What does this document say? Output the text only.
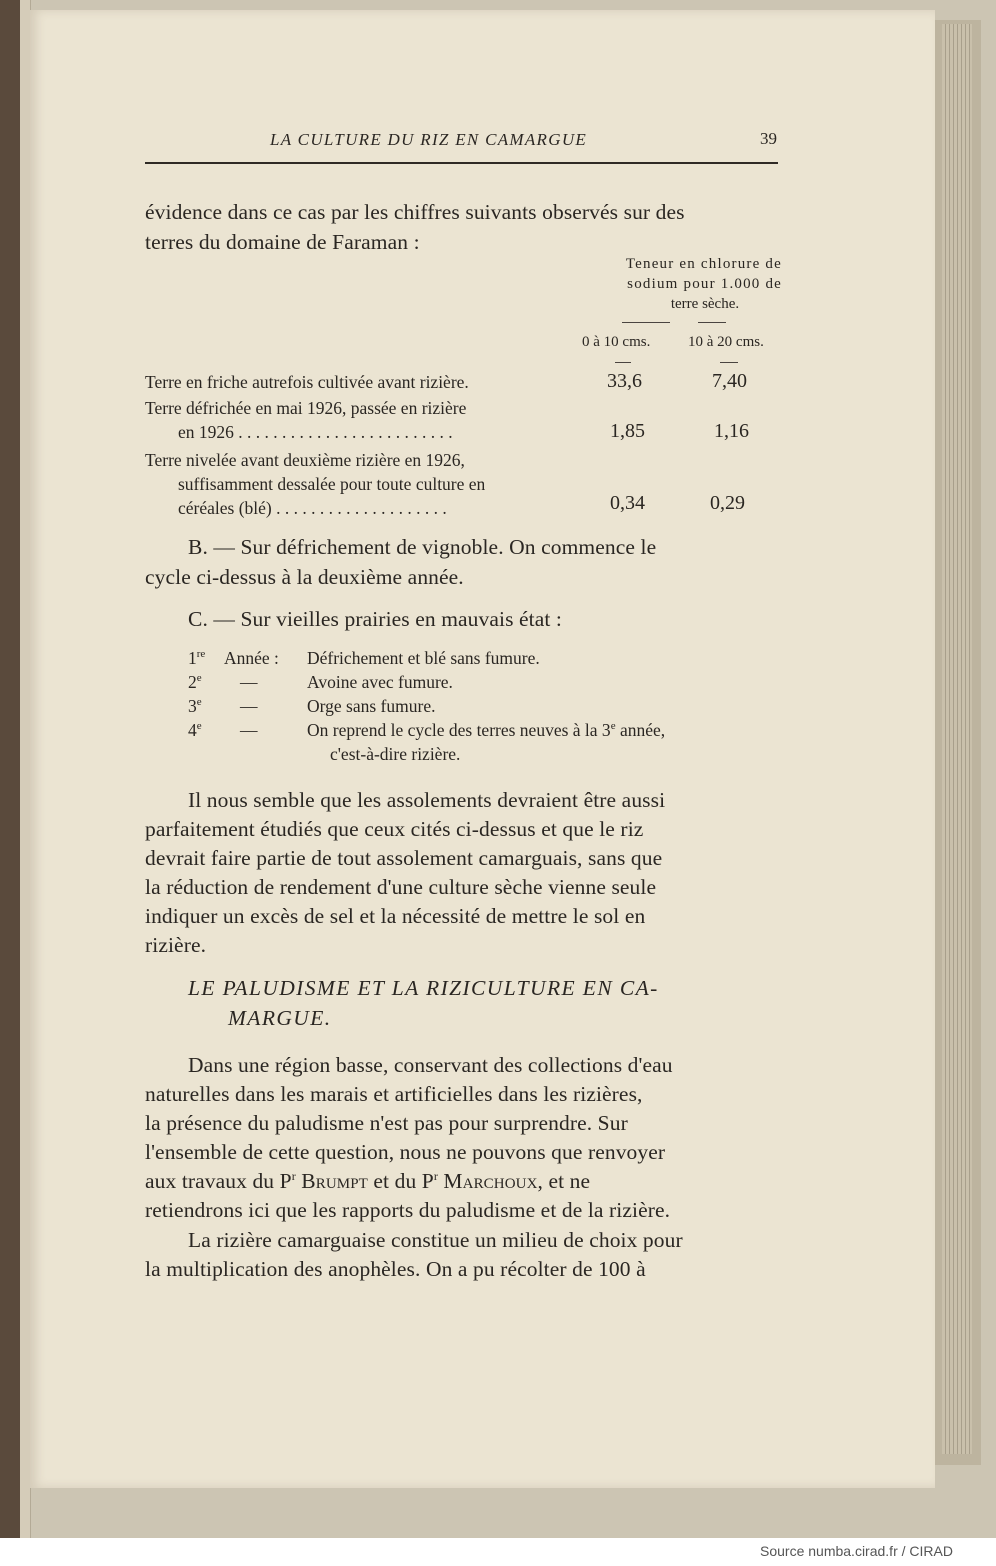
LA CULTURE DU RIZ EN CAMARGUE	39
évidence dans ce cas par les chiffres suivants observés sur des
terres du domaine de Faraman :
Teneur en chlorure de
sodium pour 1.000 de
terre sèche.
0 à 10 cms.	10 à 20 cms.
Terre en friche autrefois cultivée avant rizière.	33,6	7,40
Terre défrichée en mai 1926, passée en rizière
en 1926 . . . . . . . . . . . . . . . . . . . . . . . . .	1,85	1,16
Terre nivelée avant deuxième rizière en 1926,
suffisamment dessalée pour toute culture en
céréales (blé) . . . . . . . . . . . . . . . . . . . .	0,34	0,29
B. — Sur défrichement de vignoble. On commence le
cycle ci-dessus à la deuxième année.
C. — Sur vieilles prairies en mauvais état :
1re Année : Défrichement et blé sans fumure.
2e —	Avoine avec fumure.
3e —	Orge sans fumure.
4e —	On reprend le cycle des terres neuves à la 3e année,
c'est-à-dire rizière.
Il nous semble que les assolements devraient être aussi
parfaitement étudiés que ceux cités ci-dessus et que le riz
devrait faire partie de tout assolement camarguais, sans que
la réduction de rendement d'une culture sèche vienne seule
indiquer un excès de sel et la nécessité de mettre le sol en
rizière.
LE PALUDISME ET LA RIZICULTURE EN CA-
MARGUE.
Dans une région basse, conservant des collections d'eau
naturelles dans les marais et artificielles dans les rizières,
la présence du paludisme n'est pas pour surprendre. Sur
l'ensemble de cette question, nous ne pouvons que renvoyer
aux travaux du $P^r$ Brumpt et du $P^r$ Marchoux, et ne
retiendrons ici que les rapports du paludisme et de la rizière.
La rizière camarguaise constitue un milieu de choix pour
la multiplication des anophèles. On a pu récolter de 100 à
Source numba.cirad.fr / CIRAD
